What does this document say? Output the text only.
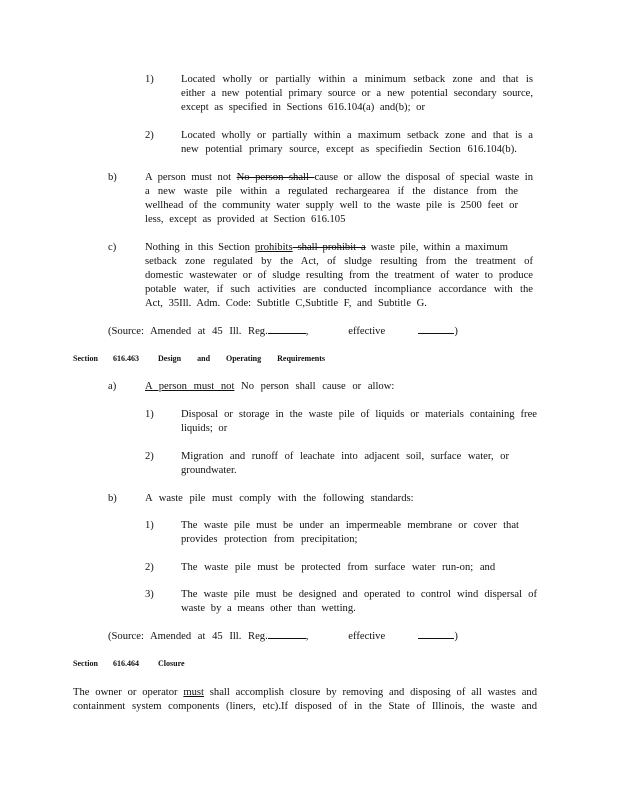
1)	Located wholly or partially within a minimum setback zone and that is
either a new potential primary source or a new potential secondary source,
except as specified in Sections 616.104(a) and(b); or
2)	Located wholly or partially within a maximum setback zone and that is a
new potential primary source, except as specifiedin Section 616.104(b).
b)	A person must not No person shall cause or allow the disposal of special waste in
a new waste pile within a regulated rechargearea if the distance from the
wellhead of the community water supply well to the waste pile is 2500 feet or
less, except as provided at Section 616.105
c)	Nothing in this Section prohibits shall prohibit a waste pile, within a maximum
setback zone regulated by the Act, of sludge resulting from the treatment of
domestic wastewater or of sludge resulting from the treatment of water to produce
potable water, if such activities are conducted incompliance accordance with the
Act, 35Ill. Adm. Code: Subtitle C,Subtitle F, and Subtitle G.
(Source: Amended at 45 Ill. Reg.	,      effective	)
Section 616.463 Design and Operating Requirements
a)	A person must not No person shall cause or allow:
1)	Disposal or storage in the waste pile of liquids or materials containing free
liquids; or
2)	Migration and runoff of leachate into adjacent soil, surface water, or
groundwater.
b)	A waste pile must comply with the following standards:
1)	The waste pile must be under an impermeable membrane or cover that
provides protection from precipitation;
2)	The waste pile must be protected from surface water run-on; and
3)	The waste pile must be designed and operated to control wind dispersal of
waste by a means other than wetting.
(Source: Amended at 45 Ill. Reg.	,      effective	)
Section 616.464 Closure
The owner or operator must shall accomplish closure by removing and disposing of all wastes and
containment system components (liners, etc).If disposed of in the State of Illinois, the waste and
